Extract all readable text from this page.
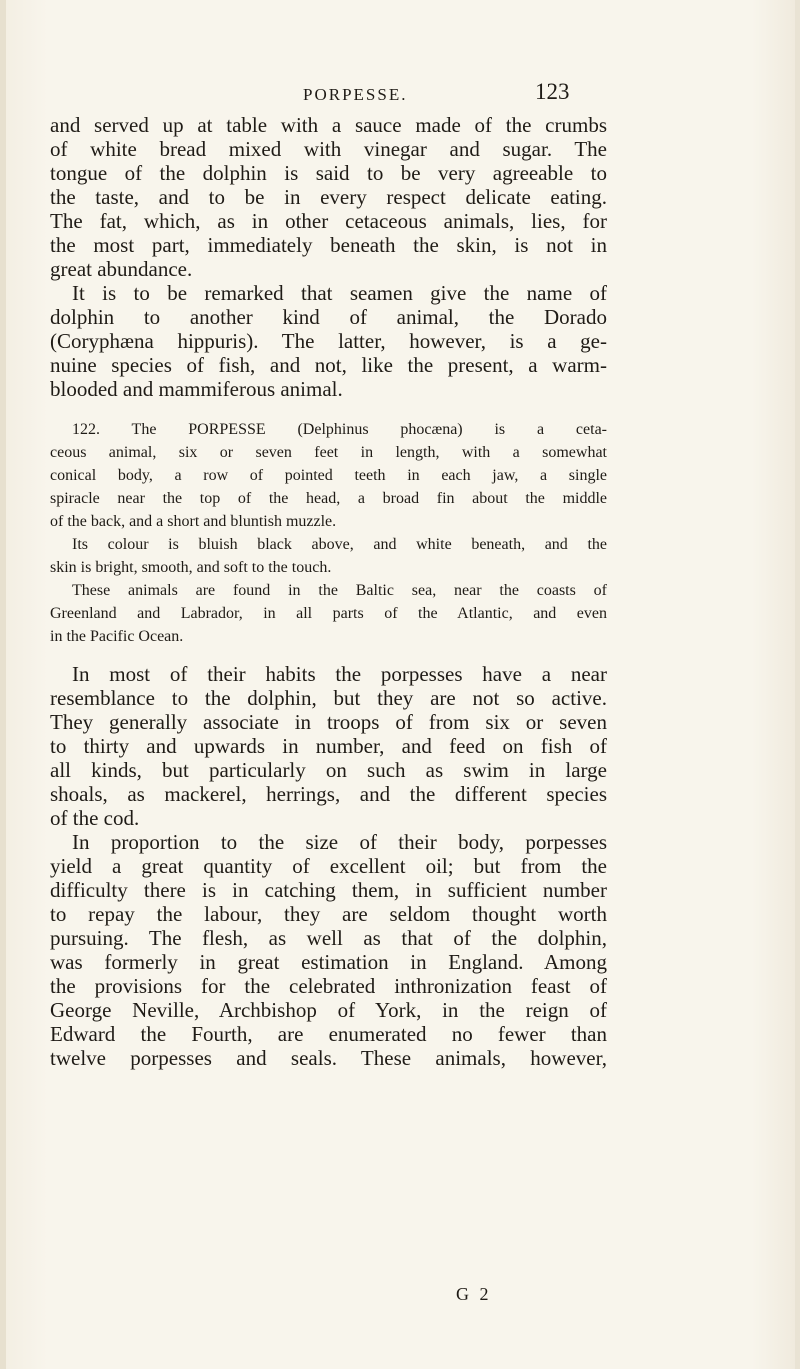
PORPESSE.	123
and served up at table with a sauce made of the crumbs
of white bread mixed with vinegar and sugar. The
tongue of the dolphin is said to be very agreeable to
the taste, and to be in every respect delicate eating.
The fat, which, as in other cetaceous animals, lies, for
the most part, immediately beneath the skin, is not in
great abundance.
It is to be remarked that seamen give the name of
dolphin to another kind of animal, the Dorado
(Coryphæna hippuris). The latter, however, is a ge-
nuine species of fish, and not, like the present, a warm-
blooded and mammiferous animal.
122. The PORPESSE (Delphinus phocæna) is a ceta-
ceous animal, six or seven feet in length, with a somewhat
conical body, a row of pointed teeth in each jaw, a single
spiracle near the top of the head, a broad fin about the middle
of the back, and a short and bluntish muzzle.
Its colour is bluish black above, and white beneath, and the
skin is bright, smooth, and soft to the touch.
These animals are found in the Baltic sea, near the coasts of
Greenland and Labrador, in all parts of the Atlantic, and even
in the Pacific Ocean.
In most of their habits the porpesses have a near
resemblance to the dolphin, but they are not so active.
They generally associate in troops of from six or seven
to thirty and upwards in number, and feed on fish of
all kinds, but particularly on such as swim in large
shoals, as mackerel, herrings, and the different species
of the cod.
In proportion to the size of their body, porpesses
yield a great quantity of excellent oil; but from the
difficulty there is in catching them, in sufficient number
to repay the labour, they are seldom thought worth
pursuing. The flesh, as well as that of the dolphin,
was formerly in great estimation in England. Among
the provisions for the celebrated inthronization feast of
George Neville, Archbishop of York, in the reign of
Edward the Fourth, are enumerated no fewer than
twelve porpesses and seals. These animals, however,
G 2
